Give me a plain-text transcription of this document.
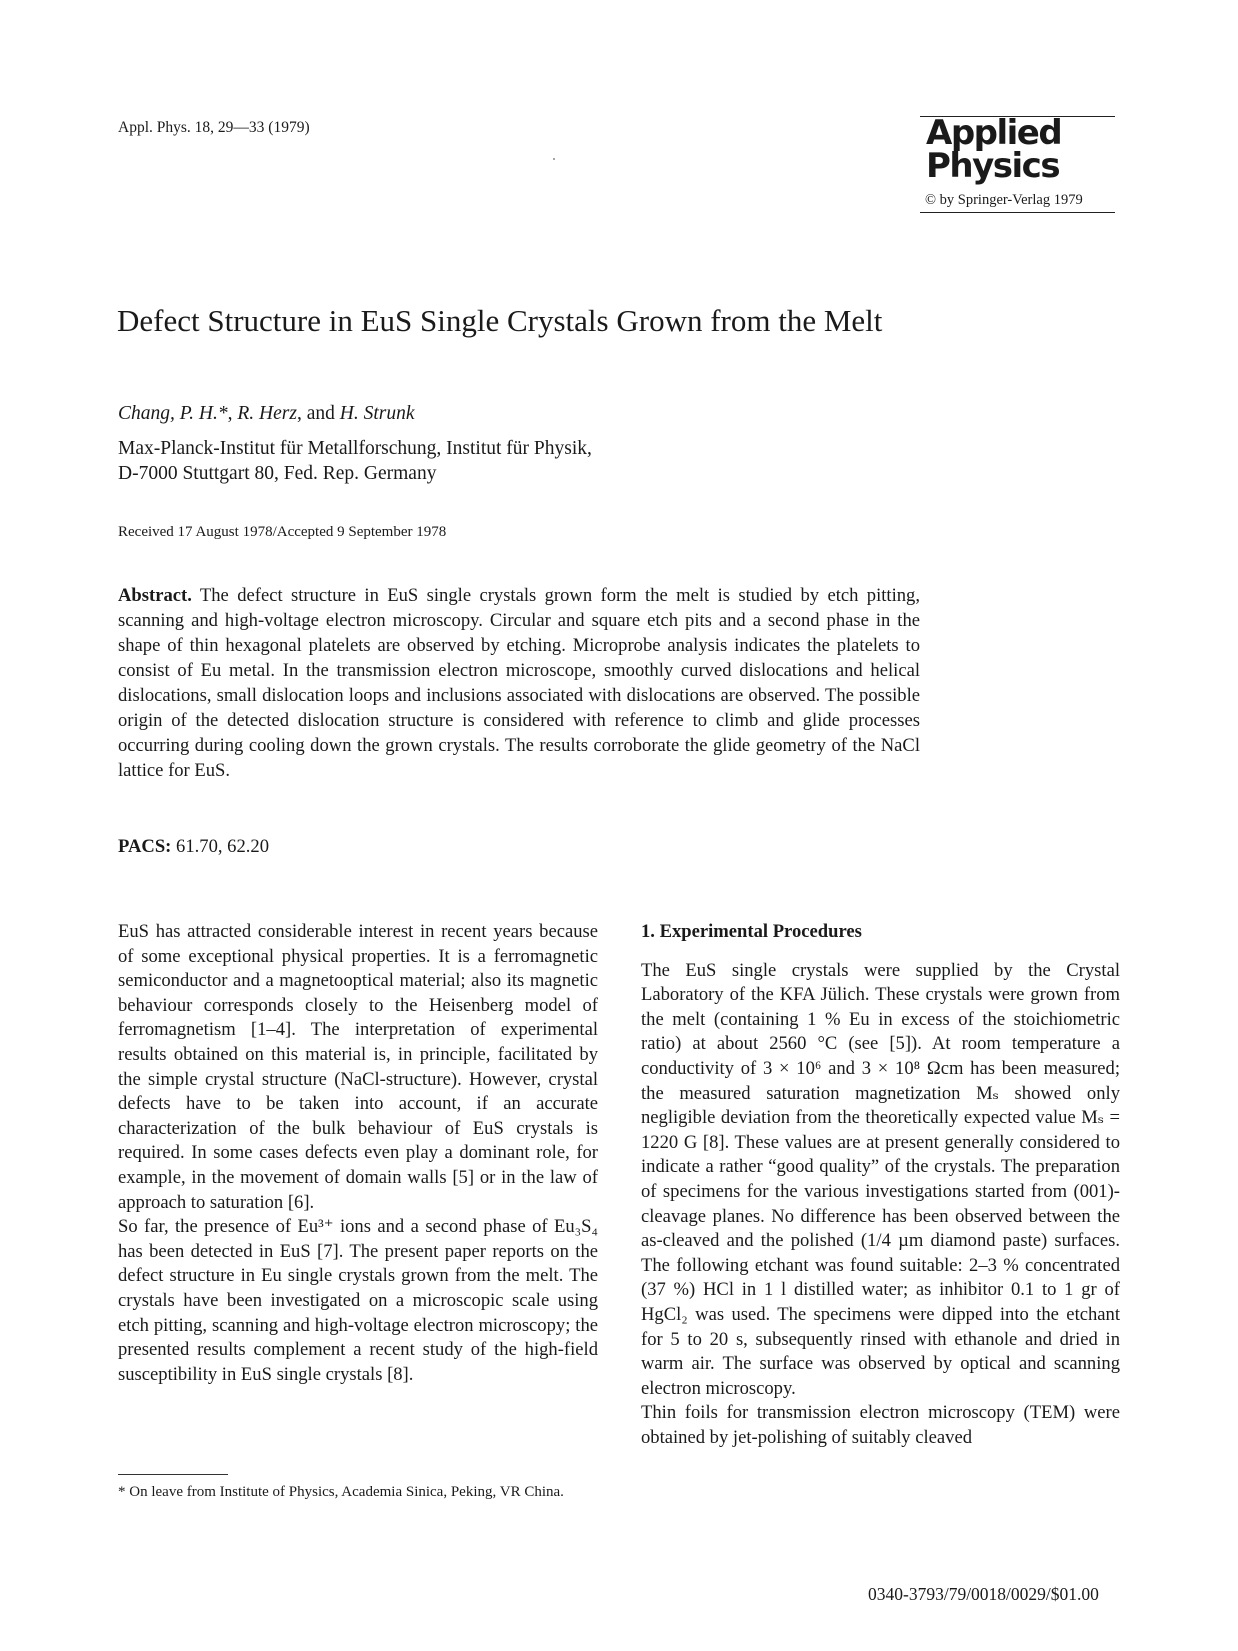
Appl. Phys. 18, 29—33 (1979)	Applied
Physics
© by Springer-Verlag 1979
Defect Structure in EuS Single Crystals Grown from the Melt
Chang, P. H.*, R. Herz, and H. Strunk
Max-Planck-Institut für Metallforschung, Institut für Physik,
D-7000 Stuttgart 80, Fed. Rep. Germany
Received 17 August 1978/Accepted 9 September 1978
Abstract. The defect structure in EuS single crystals grown form the melt is studied by etch pitting, scanning and high-voltage electron microscopy. Circular and square etch pits and a second phase in the shape of thin hexagonal platelets are observed by etching. Microprobe analysis indicates the platelets to consist of Eu metal. In the transmission electron microscope, smoothly curved dislocations and helical dislocations, small dislocation loops and inclusions associated with dislocations are observed. The possible origin of the detected dislocation structure is considered with reference to climb and glide processes occurring during cooling down the grown crystals. The results corroborate the glide geometry of the NaCl lattice for EuS.
PACS: 61.70, 62.20

EuS has attracted considerable interest in recent years because of some exceptional physical properties. It is a ferromagnetic semiconductor and a magnetooptical material; also its magnetic behaviour corresponds closely to the Heisenberg model of ferromagnetism [1–4]. The interpretation of experimental results obtained on this material is, in principle, facilitated by the simple crystal structure (NaCl-structure). However, crystal defects have to be taken into account, if an accurate characterization of the bulk behaviour of EuS crystals is required. In some cases defects even play a dominant role, for example, in the movement of domain walls [5] or in the law of approach to saturation [6].

So far, the presence of Eu³⁺ ions and a second phase of Eu₃S₄ has been detected in EuS [7]. The present paper reports on the defect structure in Eu single crystals grown from the melt. The crystals have been investigated on a microscopic scale using etch pitting, scanning and high-voltage electron microscopy; the presented results complement a recent study of the high-field susceptibility in EuS single crystals [8].

1. Experimental Procedures

The EuS single crystals were supplied by the Crystal Laboratory of the KFA Jülich. These crystals were grown from the melt (containing 1 % Eu in excess of the stoichiometric ratio) at about 2560 °C (see [5]). At room temperature a conductivity of 3 × 10⁶ and 3 × 10⁸ Ωcm has been measured; the measured saturation magnetization Mₛ showed only negligible deviation from the theoretically expected value Mₛ = 1220 G [8]. These values are at present generally considered to indicate a rather “good quality” of the crystals. The preparation of specimens for the various investigations started from (001)-cleavage planes. No difference has been observed between the as-cleaved and the polished (1/4 µm diamond paste) surfaces. The following etchant was found suitable: 2–3 % concentrated (37 %) HCl in 1 l distilled water; as inhibitor 0.1 to 1 gr of HgCl₂ was used. The specimens were dipped into the etchant for 5 to 20 s, subsequently rinsed with ethanole and dried in warm air. The surface was observed by optical and scanning electron microscopy.

Thin foils for transmission electron microscopy (TEM) were obtained by jet-polishing of suitably cleaved

* On leave from Institute of Physics, Academia Sinica, Peking, VR China.
0340-3793/79/0018/0029/$01.00
